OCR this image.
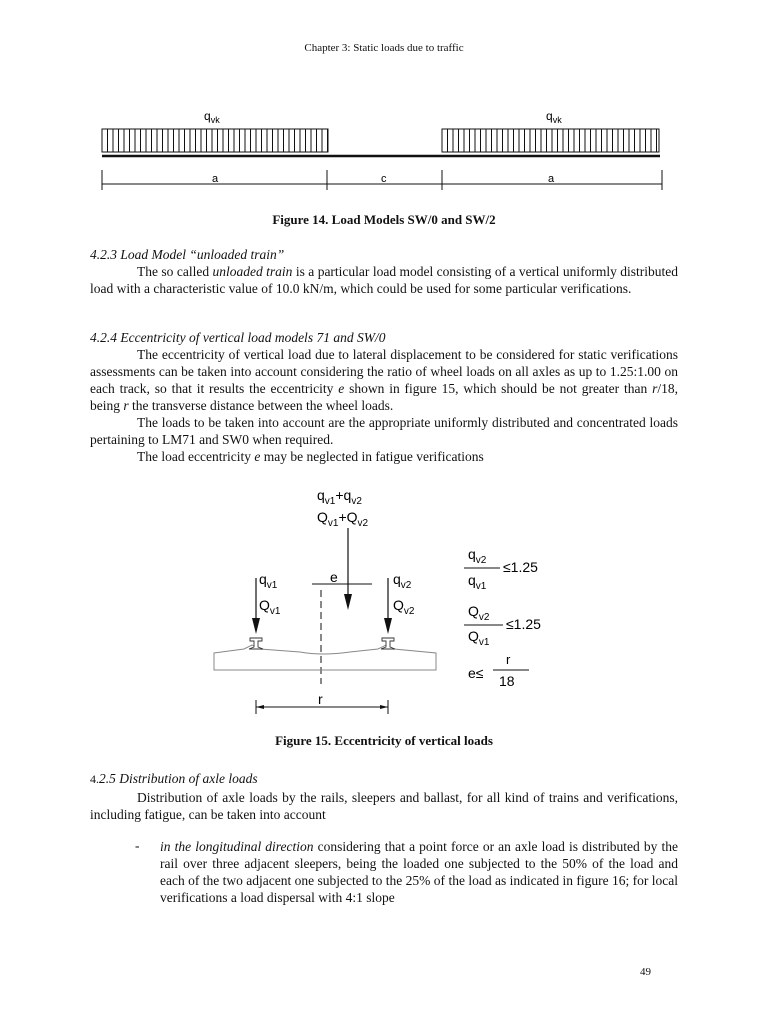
Chapter 3: Static loads due to traffic
$q_{vk}$	$q_{vk}$
a	c	a
Figure 14. Load Models SW/0 and SW/2
4.2.3 Load Model “unloaded train”
The so called unloaded train is a particular load model consisting of a vertical uniformly distributed load with a characteristic value of 10.0 kN/m, which could be used for some particular verifications.
4.2.4 Eccentricity of vertical load models 71 and SW/0
The eccentricity of vertical load due to lateral displacement to be considered for static verifications assessments can be taken into account considering the ratio of wheel loads on all axles as up to 1.25:1.00 on each track, so that it results the eccentricity e shown in figure 15, which should be not greater than r/18, being r the transverse distance between the wheel loads.
The loads to be taken into account are the appropriate uniformly distributed and concentrated loads pertaining to LM71 and SW0 when required.
The load eccentricity e may be neglected in fatigue verifications
$q_{v1}+q_{v2}$
$Q_{v1}+Q_{v2}$
e
$q_{v1}$
$Q_{v1}$
$q_{v2}$
$Q_{v2}$
r
$q_{v2}$
$q_{v1}$
≤1.25
$Q_{v2}$
$Q_{v1}$
≤1.25
e≤
r
18
Figure 15. Eccentricity of vertical loads
4.2.5 Distribution of axle loads
Distribution of axle loads by the rails, sleepers and ballast, for all kind of trains and verifications, including fatigue, can be taken into account
- in the longitudinal direction considering that a point force or an axle load is distributed by the rail over three adjacent sleepers, being the loaded one subjected to the 50% of the load and each of the two adjacent one subjected to the 25% of the load as indicated in figure 16; for local verifications a load dispersal with 4:1 slope
49
